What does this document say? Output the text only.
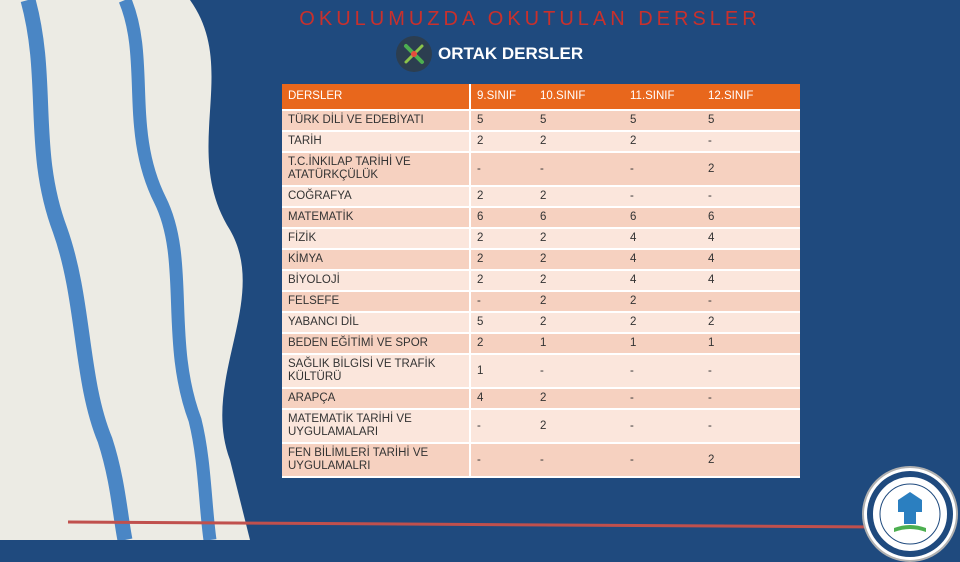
OKULUMUZDA OKUTULAN DERSLER
ORTAK DERSLER
DERSLER	9.SINIF	10.SINIF	11.SINIF	12.SINIF
TÜRK DİLİ VE EDEBİYATI	5	5	5	5
TARİH	2	2	2	-
T.C.İNKILAP TARİHİ VE ATATÜRKÇÜLÜK	-	-	-	2
COĞRAFYA	2	2	-	-
MATEMATİK	6	6	6	6
FİZİK	2	2	4	4
KİMYA	2	2	4	4
BİYOLOJİ	2	2	4	4
FELSEFE	-	2	2	-
YABANCI DİL	5	2	2	2
BEDEN EĞİTİMİ VE SPOR	2	1	1	1
SAĞLIK BİLGİSİ VE TRAFİK KÜLTÜRÜ	1	-	-	-
ARAPÇA	4	2	-	-
MATEMATİK TARİHİ VE UYGULAMALARI	-	2	-	-
FEN BİLİMLERİ TARİHİ VE UYGULAMALRI	-	-	-	2
